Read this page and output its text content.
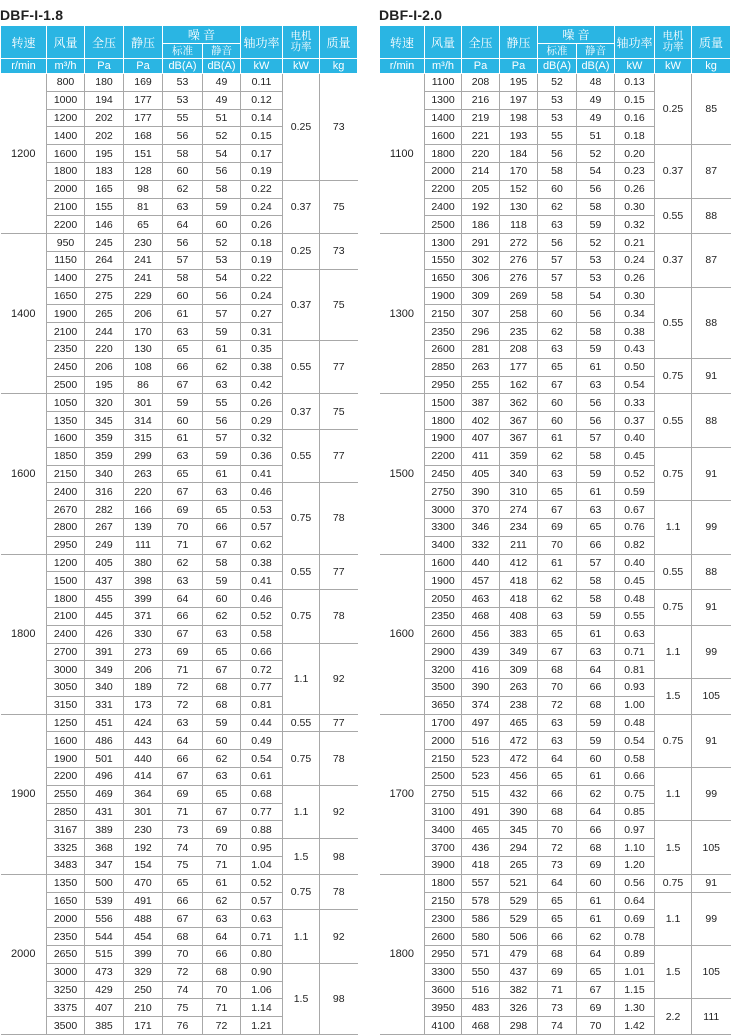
DBF-I-1.8
转速	风量	全压	静压	噪 音		轴功率	电机
功率	质量
				标准	静音			
r/min	m³/h	Pa	Pa	dB(A)	dB(A)	kW	kW	kg
1200	800	180	169	53	49	0.11	0.25	73
	1000	194	177	53	49	0.12		
	1200	202	177	55	51	0.14		
	1400	202	168	56	52	0.15		
	1600	195	151	58	54	0.17		
	1800	183	128	60	56	0.19		
	2000	165	98	62	58	0.22	0.37	75
	2100	155	81	63	59	0.24		
	2200	146	65	64	60	0.26		
1400	950	245	230	56	52	0.18	0.25	73
	1150	264	241	57	53	0.19		
	1400	275	241	58	54	0.22	0.37	75
	1650	275	229	60	56	0.24		
	1900	265	206	61	57	0.27		
	2100	244	170	63	59	0.31		
	2350	220	130	65	61	0.35	0.55	77
	2450	206	108	66	62	0.38		
	2500	195	86	67	63	0.42		
1600	1050	320	301	59	55	0.26	0.37	75
	1350	345	314	60	56	0.29		
	1600	359	315	61	57	0.32	0.55	77
	1850	359	299	63	59	0.36		
	2150	340	263	65	61	0.41		
	2400	316	220	67	63	0.46	0.75	78
	2670	282	166	69	65	0.53		
	2800	267	139	70	66	0.57		
	2950	249	111	71	67	0.62		
1800	1200	405	380	62	58	0.38	0.55	77
	1500	437	398	63	59	0.41		
	1800	455	399	64	60	0.46	0.75	78
	2100	445	371	66	62	0.52		
	2400	426	330	67	63	0.58		
	2700	391	273	69	65	0.66	1.1	92
	3000	349	206	71	67	0.72		
	3050	340	189	72	68	0.77		
	3150	331	173	72	68	0.81		
1900	1250	451	424	63	59	0.44	0.55	77
	1600	486	443	64	60	0.49	0.75	78
	1900	501	440	66	62	0.54		
	2200	496	414	67	63	0.61		
	2550	469	364	69	65	0.68	1.1	92
	2850	431	301	71	67	0.77		
	3167	389	230	73	69	0.88		
	3325	368	192	74	70	0.95	1.5	98
	3483	347	154	75	71	1.04		
2000	1350	500	470	65	61	0.52	0.75	78
	1650	539	491	66	62	0.57		
	2000	556	488	67	63	0.63	1.1	92
	2350	544	454	68	64	0.71		
	2650	515	399	70	66	0.80		
	3000	473	329	72	68	0.90	1.5	98
	3250	429	250	74	70	1.06		
	3375	407	210	75	71	1.14		
	3500	385	171	76	72	1.21		
DBF-I-2.0
转速	风量	全压	静压	噪 音		轴功率	电机
功率	质量
				标准	静音			
r/min	m³/h	Pa	Pa	dB(A)	dB(A)	kW	kW	kg
1100	1100	208	195	52	48	0.13	0.25	85
	1300	216	197	53	49	0.15		
	1400	219	198	53	49	0.16		
	1600	221	193	55	51	0.18		
	1800	220	184	56	52	0.20	0.37	87
	2000	214	170	58	54	0.23		
	2200	205	152	60	56	0.26		
	2400	192	130	62	58	0.30	0.55	88
	2500	186	118	63	59	0.32		
1300	1300	291	272	56	52	0.21	0.37	87
	1550	302	276	57	53	0.24		
	1650	306	276	57	53	0.26		
	1900	309	269	58	54	0.30	0.55	88
	2150	307	258	60	56	0.34		
	2350	296	235	62	58	0.38		
	2600	281	208	63	59	0.43		
	2850	263	177	65	61	0.50	0.75	91
	2950	255	162	67	63	0.54		
1500	1500	387	362	60	56	0.33	0.55	88
	1800	402	367	60	56	0.37		
	1900	407	367	61	57	0.40		
	2200	411	359	62	58	0.45	0.75	91
	2450	405	340	63	59	0.52		
	2750	390	310	65	61	0.59		
	3000	370	274	67	63	0.67	1.1	99
	3300	346	234	69	65	0.76		
	3400	332	211	70	66	0.82		
1600	1600	440	412	61	57	0.40	0.55	88
	1900	457	418	62	58	0.45		
	2050	463	418	62	58	0.48	0.75	91
	2350	468	408	63	59	0.55		
	2600	456	383	65	61	0.63	1.1	99
	2900	439	349	67	63	0.71		
	3200	416	309	68	64	0.81		
	3500	390	263	70	66	0.93	1.5	105
	3650	374	238	72	68	1.00		
1700	1700	497	465	63	59	0.48	0.75	91
	2000	516	472	63	59	0.54		
	2150	523	472	64	60	0.58		
	2500	523	456	65	61	0.66	1.1	99
	2750	515	432	66	62	0.75		
	3100	491	390	68	64	0.85		
	3400	465	345	70	66	0.97	1.5	105
	3700	436	294	72	68	1.10		
	3900	418	265	73	69	1.20		
1800	1800	557	521	64	60	0.56	0.75	91
	2150	578	529	65	61	0.64	1.1	99
	2300	586	529	65	61	0.69		
	2600	580	506	66	62	0.78		
	2950	571	479	68	64	0.89	1.5	105
	3300	550	437	69	65	1.01		
	3600	516	382	71	67	1.15		
	3950	483	326	73	69	1.30	2.2	111
	4100	468	298	74	70	1.42		
